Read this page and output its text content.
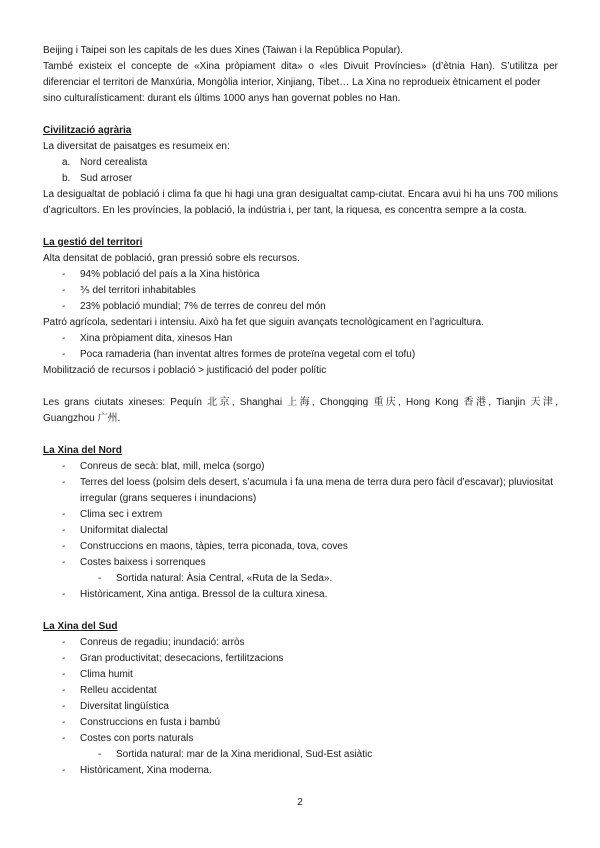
Beijing i Taipei son les capitals de les dues Xines (Taiwan i la República Popular).

També existeix el concepte de «Xina pròpiament dita» o «les Divuit Províncies» (d’ètnia Han). S’utilitza per

diferenciar el territori de Manxúria, Mongòlia interior, Xinjiang, Tibet… La Xina no reprodueix ètnicament el poder sino culturalísticament: durant els últims 1000 anys han governat pobles no Han.

Civilització agrària

La diversitat de paisatges es resumeix en:

a. Nord cerealista
b. Sud arroser

La desigualtat de població i clima fa que hi hagi una gran desigualtat camp-ciutat. Encara avui hi ha uns 700 milions d’agricultors. En les províncies, la població, la indústria i, per tant, la riquesa, es concentra sempre a la costa.

La gestió del territori

Alta densitat de població, gran pressió sobre els recursos.

- 94% població del país a la Xina històrica
- ⅗ del territori inhabitables
- 23% població mundial; 7% de terres de conreu del món

Patró agrícola, sedentari i intensiu. Això ha fet que siguin avançats tecnològicament en l’agricultura.

- Xina pròpiament dita, xinesos Han
- Poca ramaderia (han inventat altres formes de proteïna vegetal com el tofu)

Mobilització de recursos i població > justificació del poder polític

Les grans ciutats xineses: Pequín 北京, Shanghai 上海, Chongqing 重庆, Hong Kong 香港, Tianjin 天津,

Guangzhou 广州.

La Xina del Nord

- Conreus de secà: blat, mill, melca (sorgo)
- Terres del loess (polsim dels desert, s’acumula i fa una mena de terra dura pero fàcil d’escavar); pluviositat irregular (grans sequeres i inundacions)
- Clima sec i extrem
- Uniformitat dialectal
- Construccions en maons, tàpies, terra piconada, tova, coves
- Costes baixess i sorrenques
- Sortida natural: Àsia Central, «Ruta de la Seda».
- Històricament, Xina antiga. Bressol de la cultura xinesa.

La Xina del Sud

- Conreus de regadiu; inundació: arròs
- Gran productivitat; desecacions, fertilitzacions
- Clima humit
- Relleu accidentat
- Diversitat lingüística
- Construccions en fusta i bambú
- Costes con ports naturals
- Sortida natural: mar de la Xina meridional, Sud-Est asiàtic
- Històricament, Xina moderna.
2
